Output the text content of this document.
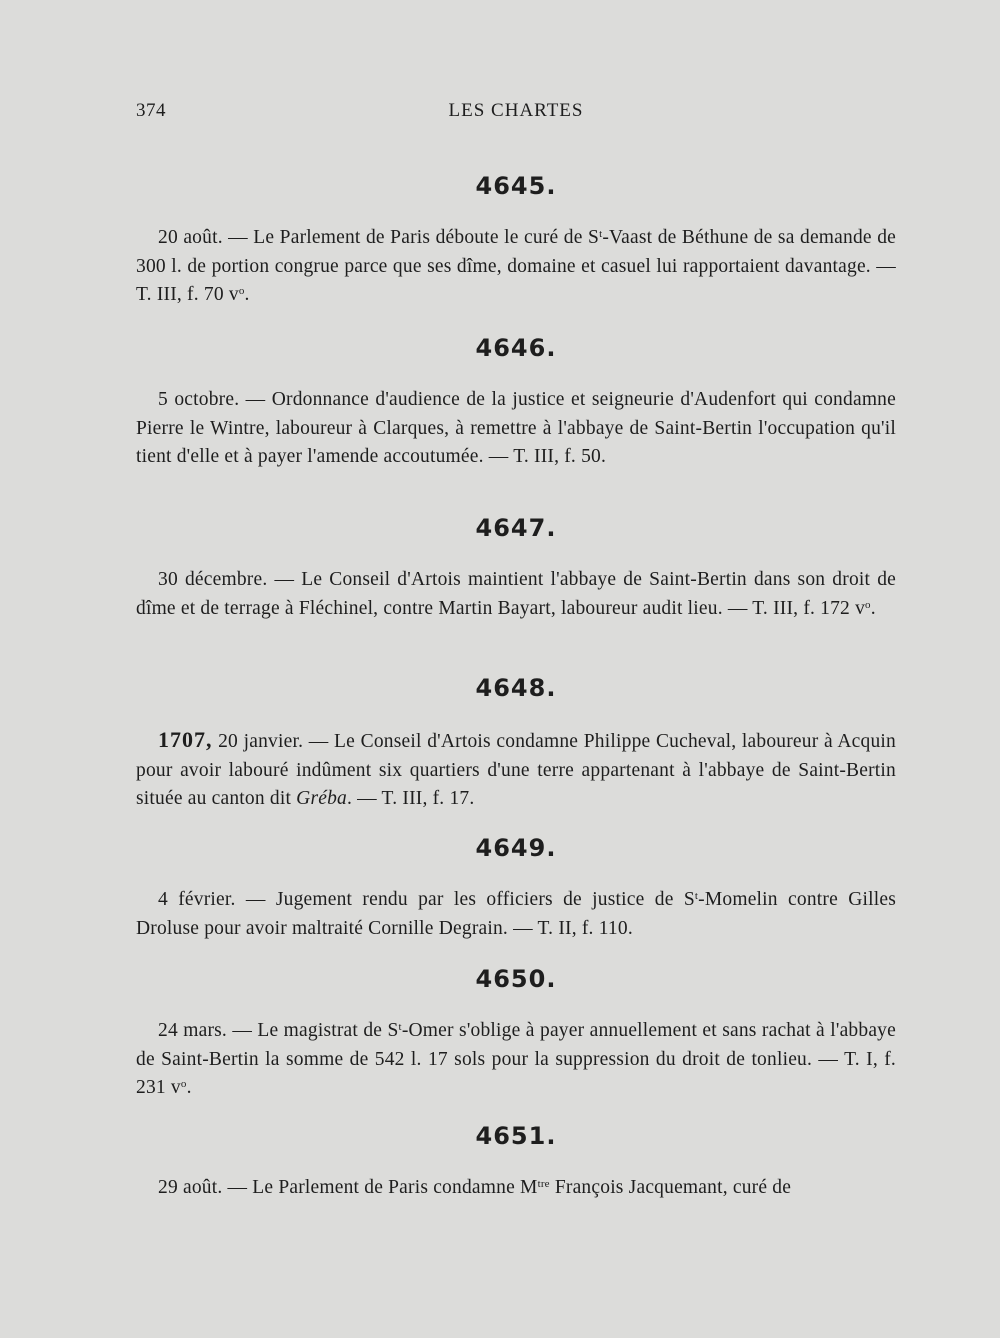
374	LES CHARTES
4645.

20 août. — Le Parlement de Paris déboute le curé de $S^t$-Vaast de Béthune de sa demande de 300 l. de portion congrue parce que ses dîme, domaine et casuel lui rapportaient davantage. — T. III, f. 70 $v^o$.

4646.

5 octobre. — Ordonnance d'audience de la justice et seigneurie d'Audenfort qui condamne Pierre le Wintre, laboureur à Clarques, à remettre à l'abbaye de Saint-Bertin l'occupation qu'il tient d'elle et à payer l'amende accoutumée. — T. III, f. 50.

4647.

30 décembre. — Le Conseil d'Artois maintient l'abbaye de Saint-Bertin dans son droit de dîme et de terrage à Fléchinel, contre Martin Bayart, laboureur audit lieu. — T. III, f. 172 $v^o$.

4648.

1707, 20 janvier. — Le Conseil d'Artois condamne Philippe Cucheval, laboureur à Acquin pour avoir labouré indûment six quartiers d'une terre appartenant à l'abbaye de Saint-Bertin située au canton dit Gréba. — T. III, f. 17.

4649.

4 février. — Jugement rendu par les officiers de justice de $S^t$-Momelin contre Gilles Droluse pour avoir maltraité Cornille Degrain. — T. II, f. 110.

4650.

24 mars. — Le magistrat de $S^t$-Omer s'oblige à payer annuellement et sans rachat à l'abbaye de Saint-Bertin la somme de 542 l. 17 sols pour la suppression du droit de tonlieu. — T. I, f. 231 $v^o$.

4651.

29 août. — Le Parlement de Paris condamne $M^{tre}$ François Jacquemant, curé de
